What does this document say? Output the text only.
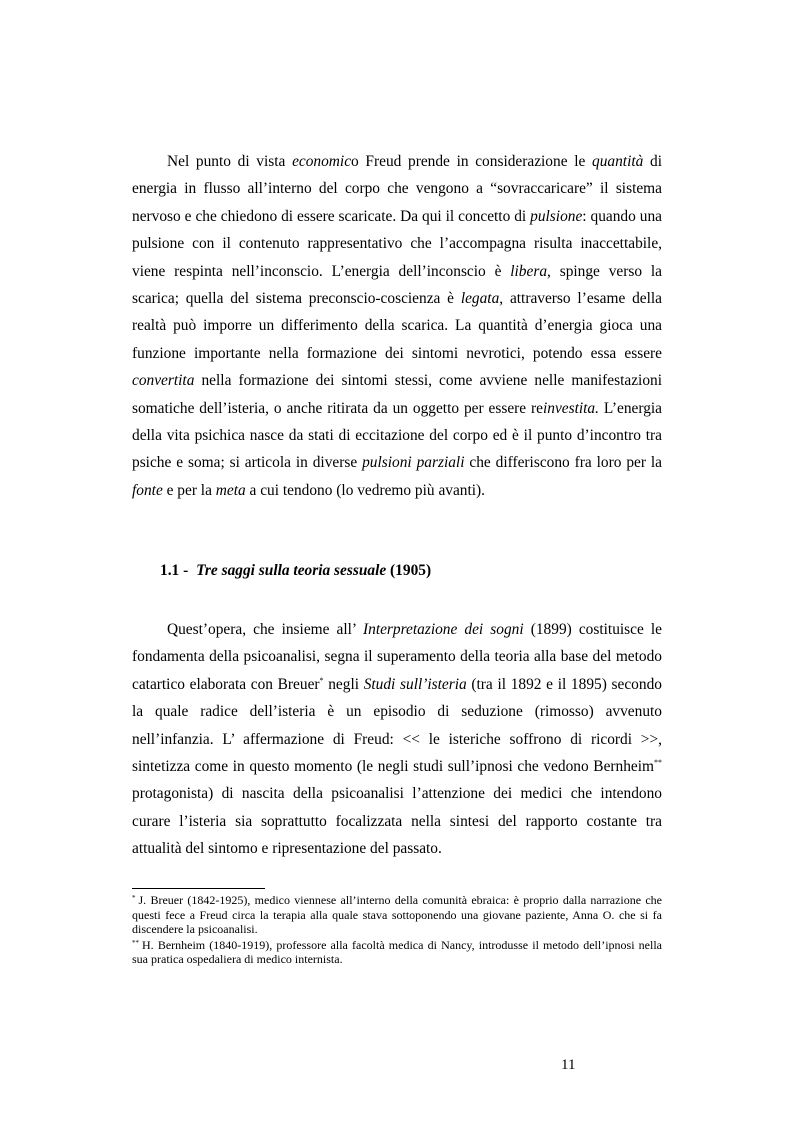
Nel punto di vista economico Freud prende in considerazione le quantità di energia in flusso all’interno del corpo che vengono a “sovraccaricare” il sistema nervoso e che chiedono di essere scaricate. Da qui il concetto di pulsione: quando una pulsione con il contenuto rappresentativo che l’accompagna risulta inaccettabile, viene respinta nell’inconscio. L’energia dell’inconscio è libera, spinge verso la scarica; quella del sistema preconscio-coscienza è legata, attraverso l’esame della realtà può imporre un differimento della scarica. La quantità d’energia gioca una funzione importante nella formazione dei sintomi nevrotici, potendo essa essere convertita nella formazione dei sintomi stessi, come avviene nelle manifestazioni somatiche dell’isteria, o anche ritirata da un oggetto per essere reinvestita. L’energia della vita psichica nasce da stati di eccitazione del corpo ed è il punto d’incontro tra psiche e soma; si articola in diverse pulsioni parziali che differiscono fra loro per la fonte e per la meta a cui tendono (lo vedremo più avanti).

1.1 - Tre saggi sulla teoria sessuale (1905)

Quest’opera, che insieme all’ Interpretazione dei sogni (1899) costituisce le fondamenta della psicoanalisi, segna il superamento della teoria alla base del metodo catartico elaborata con Breuer* negli Studi sull’isteria (tra il 1892 e il 1895) secondo la quale radice dell’isteria è un episodio di seduzione (rimosso) avvenuto nell’infanzia. L’ affermazione di Freud: << le isteriche soffrono di ricordi >>, sintetizza come in questo momento (le negli studi sull’ipnosi che vedono Bernheim** protagonista) di nascita della psicoanalisi l’attenzione dei medici che intendono curare l’isteria sia soprattutto focalizzata nella sintesi del rapporto costante tra attualità del sintomo e ripresentazione del passato.

* J. Breuer (1842-1925), medico viennese all’interno della comunità ebraica: è proprio dalla narrazione che questi fece a Freud circa la terapia alla quale stava sottoponendo una giovane paziente, Anna O. che si fa discendere la psicoanalisi.

** H. Bernheim (1840-1919), professore alla facoltà medica di Nancy, introdusse il metodo dell’ipnosi nella sua pratica ospedaliera di medico internista.

11
